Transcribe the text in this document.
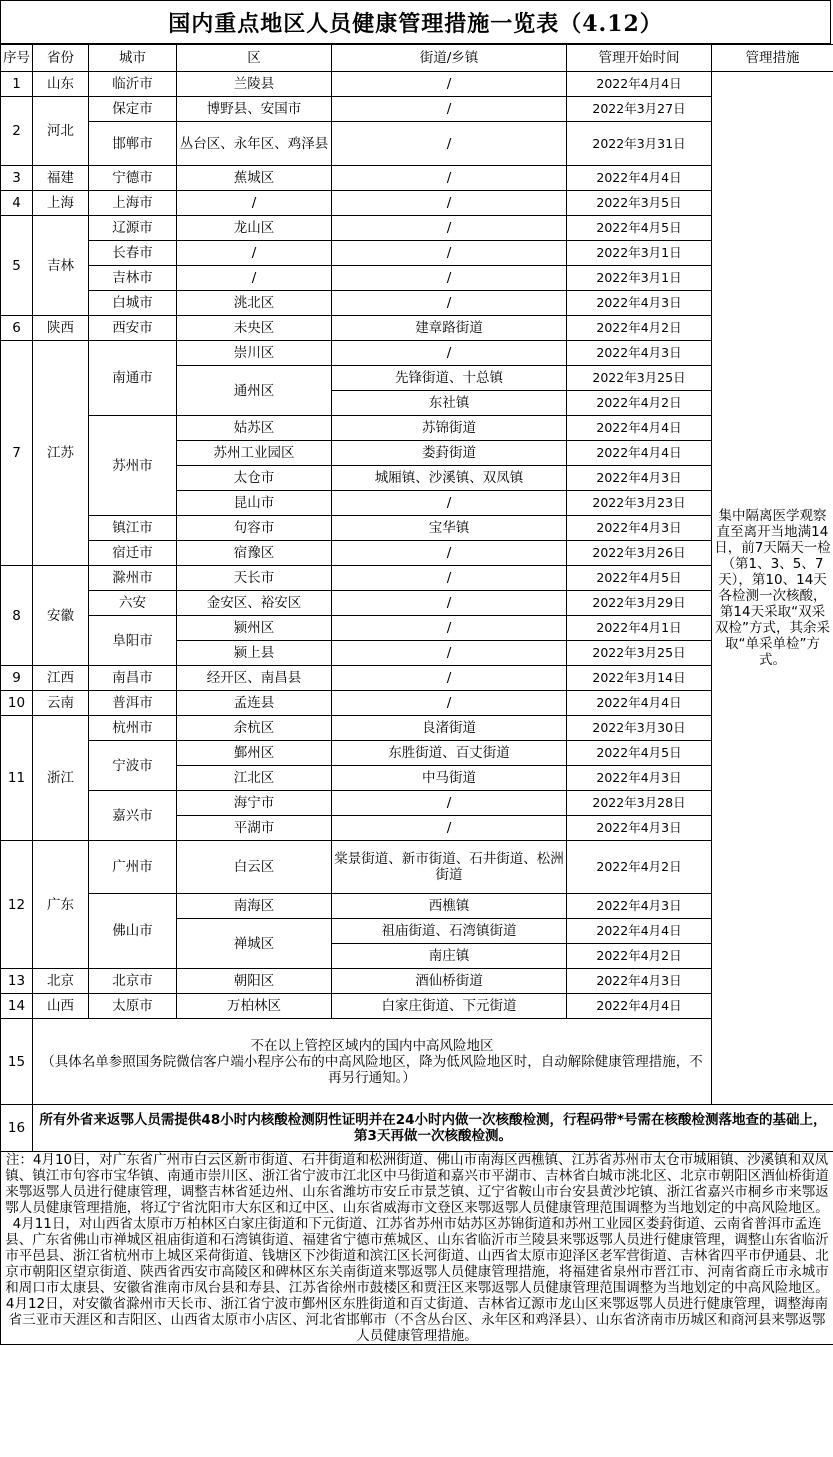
国内重点地区人员健康管理措施一览表（4.12）
序号	省份	城市	区	街道/乡镇	管理开始时间	管理措施
1	山东	临沂市	兰陵县	/	2022年4月4日	集中隔离医学观察直至离开当地满14日，前7天隔天一检（第1、3、5、7天），第10、14天各检测一次核酸，第14天采取“双采双检”方式，其余采取“单采单检”方式。
2	河北	保定市	博野县、安国市	/	2022年3月27日	
		邯郸市	丛台区、永年区、鸡泽县	/	2022年3月31日	
3	福建	宁德市	蕉城区	/	2022年4月4日	
4	上海	上海市	/	/	2022年3月5日	
5	吉林	辽源市	龙山区	/	2022年4月5日	
		长春市	/	/	2022年3月1日	
		吉林市	/	/	2022年3月1日	
		白城市	洮北区	/	2022年4月3日	
6	陕西	西安市	未央区	建章路街道	2022年4月2日	
7	江苏	南通市	崇川区	/	2022年4月3日	
			通州区	先锋街道、十总镇	2022年3月25日	
				东社镇	2022年4月2日	
		苏州市	姑苏区	苏锦街道	2022年4月4日	
			苏州工业园区	娄葑街道	2022年4月4日	
			太仓市	城厢镇、沙溪镇、双凤镇	2022年4月3日	
			昆山市	/	2022年3月23日	
		镇江市	句容市	宝华镇	2022年4月3日	
		宿迁市	宿豫区	/	2022年3月26日	
8	安徽	滁州市	天长市	/	2022年4月5日	
		六安	金安区、裕安区	/	2022年3月29日	
		阜阳市	颍州区	/	2022年4月1日	
			颍上县	/	2022年3月25日	
9	江西	南昌市	经开区、南昌县	/	2022年3月14日	
10	云南	普洱市	孟连县	/	2022年4月4日	
11	浙江	杭州市	余杭区	良渚街道	2022年3月30日	
		宁波市	鄞州区	东胜街道、百丈街道	2022年4月5日	
			江北区	中马街道	2022年4月3日	
		嘉兴市	海宁市	/	2022年3月28日	
			平湖市	/	2022年4月3日	
12	广东	广州市	白云区	棠景街道、新市街道、石井街道、松洲街道	2022年4月2日	
		佛山市	南海区	西樵镇	2022年4月3日	
			禅城区	祖庙街道、石湾镇街道	2022年4月4日	
				南庄镇	2022年4月2日	
13	北京	北京市	朝阳区	酒仙桥街道	2022年4月3日	
14	山西	太原市	万柏林区	白家庄街道、下元街道	2022年4月4日	
15	不在以上管控区域内的国内中高风险地区
（具体名单参照国务院微信客户端小程序公布的中高风险地区，降为低风险地区时，自动解除健康管理措施，不再另行通知。）					

16	所有外省来返鄂人员需提供48小时内核酸检测阴性证明并在24小时内做一次核酸检测，行程码带*号需在核酸检测落地查的基础上，第3天再做一次核酸检测。					
注：4月10日，对广东省广州市白云区新市街道、石井街道和松洲街道、佛山市南海区西樵镇、江苏省苏州市太仓市城厢镇、沙溪镇和双凤镇、镇江市句容市宝华镇、南通市崇川区、浙江省宁波市江北区中马街道和嘉兴市平湖市、吉林省白城市洮北区、北京市朝阳区酒仙桥街道来鄂返鄂人员进行健康管理，调整吉林省延边州、山东省潍坊市安丘市景芝镇、辽宁省鞍山市台安县黄沙坨镇、浙江省嘉兴市桐乡市来鄂返鄂人员健康管理措施，将辽宁省沈阳市大东区和辽中区、山东省威海市文登区来鄂返鄂人员健康管理范围调整为当地划定的中高风险地区。4月11日，对山西省太原市万柏林区白家庄街道和下元街道、江苏省苏州市姑苏区苏锦街道和苏州工业园区娄葑街道、云南省普洱市孟连县、广东省佛山市禅城区祖庙街道和石湾镇街道、福建省宁德市蕉城区、山东省临沂市兰陵县来鄂返鄂人员进行健康管理，调整山东省临沂市平邑县、浙江省杭州市上城区采荷街道、钱塘区下沙街道和滨江区长河街道、山西省太原市迎泽区老军营街道、吉林省四平市伊通县、北京市朝阳区望京街道、陕西省西安市高陵区和碑林区东关南街道来鄂返鄂人员健康管理措施，将福建省泉州市晋江市、河南省商丘市永城市和周口市太康县、安徽省淮南市凤台县和寿县、江苏省徐州市鼓楼区和贾汪区来鄂返鄂人员健康管理范围调整为当地划定的中高风险地区。4月12日，对安徽省滁州市天长市、浙江省宁波市鄞州区东胜街道和百丈街道、吉林省辽源市龙山区来鄂返鄂人员进行健康管理，调整海南省三亚市天涯区和吉阳区、山西省太原市小店区、河北省邯郸市（不含丛台区、永年区和鸡泽县）、山东省济南市历城区和商河县来鄂返鄂人员健康管理措施。						
